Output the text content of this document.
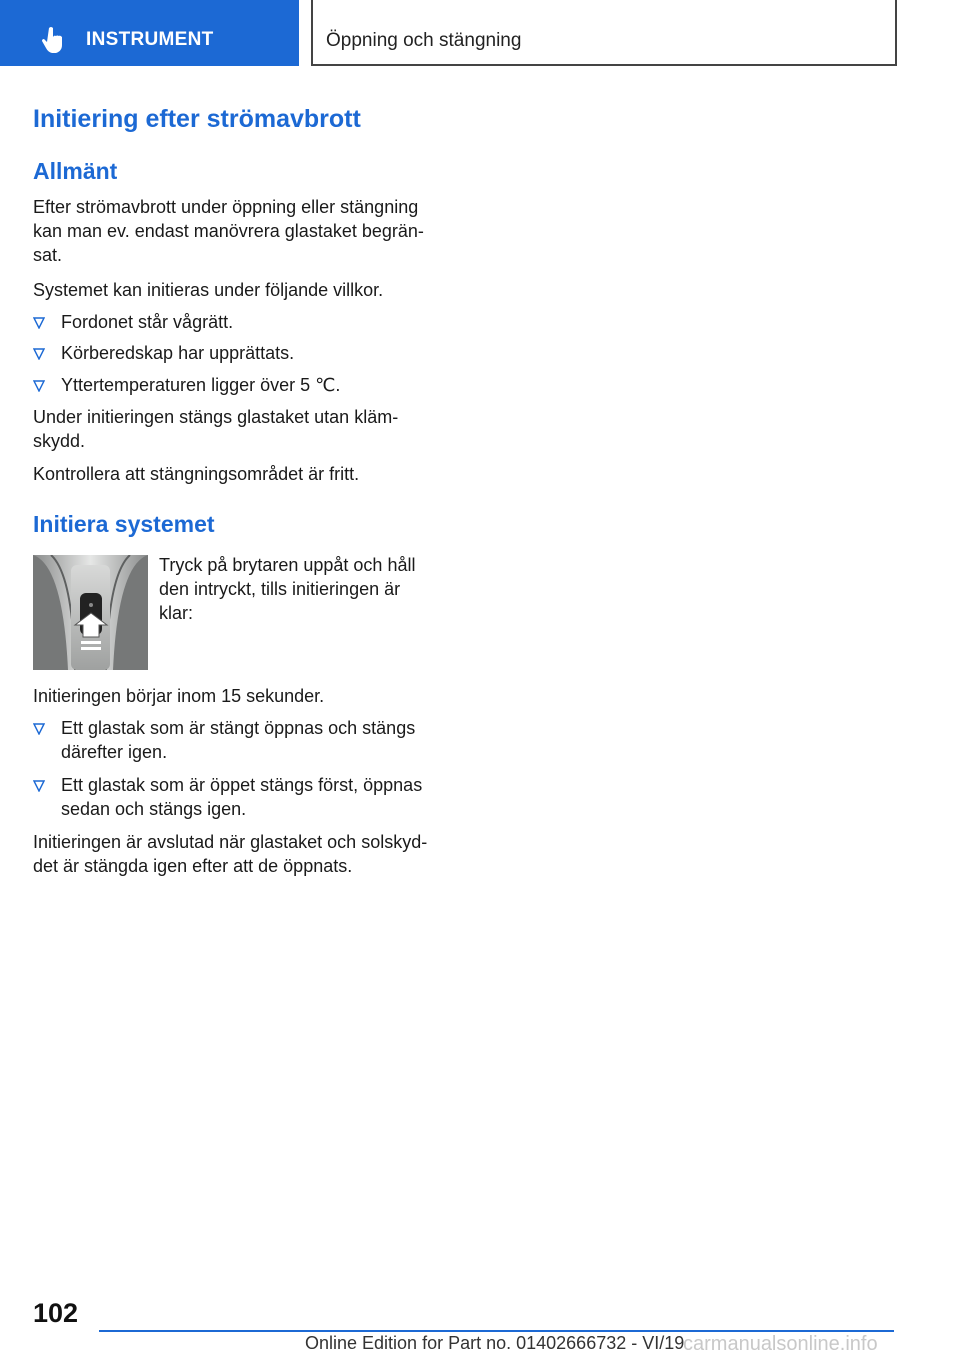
INSTRUMENT	Öppning och stängning
Initiering efter strömavbrott
Allmänt
Efter strömavbrott under öppning eller stängning
kan man ev. endast manövrera glastaket begrän-
sat.
Systemet kan initieras under följande villkor.
Fordonet står vågrätt.
Körberedskap har upprättats.
Yttertemperaturen ligger över 5 ℃.
Under initieringen stängs glastaket utan kläm-
skydd.
Kontrollera att stängningsområdet är fritt.
Initiera systemet
Tryck på brytaren uppåt och håll
den intryckt, tills initieringen är
klar:
Initieringen börjar inom 15 sekunder.
Ett glastak som är stängt öppnas och stängs
därefter igen.
Ett glastak som är öppet stängs först, öppnas
sedan och stängs igen.
Initieringen är avslutad när glastaket och solskyd-
det är stängda igen efter att de öppnats.
102
Online Edition for Part no. 01402666732 - VI/19
carmanualsonline.info
